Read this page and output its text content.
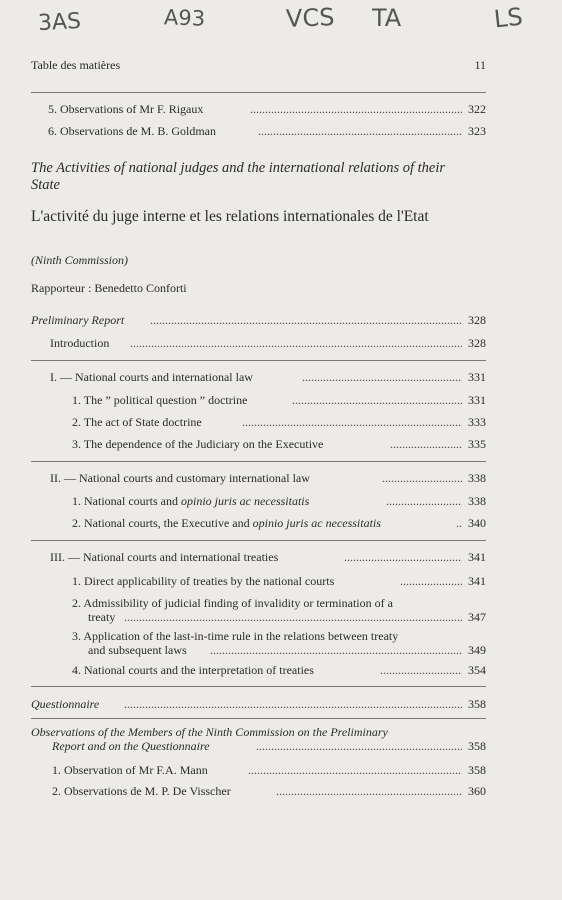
3AS	A93	VCS TA	LS
Table des matières	11
5. Observations of Mr F. Rigaux . . .	322
6. Observations de M. B. Goldman . . .	323
The Activities of national judges and the international relations of their State
L'activité du juge interne et les relations internationales de l'Etat
(Ninth Commission)
Rapporteur : Benedetto Conforti
Preliminary Report . . .	328
Introduction . . .	328
I. — National courts and international law . . .	331
1. The ” political question ” doctrine . . .	331
2. The act of State doctrine . . .	333
3. The dependence of the Judiciary on the Executive . . .	335
II. — National courts and customary international law . . .	338
1. National courts and opinio juris ac necessitatis . . .	338
2. National courts, the Executive and opinio juris ac necessitatis . . .	340
III. — National courts and international treaties . . .	341
1. Direct applicability of treaties by the national courts . . .	341
2. Admissibility of judicial finding of invalidity or termination of a
treaty . . .	347
3. Application of the last-in-time rule in the relations between treaty
and subsequent laws . . .	349
4. National courts and the interpretation of treaties . . .	354
Questionnaire . . .	358
Observations of the Members of the Ninth Commission on the Preliminary
Report and on the Questionnaire . . .	358
1. Observation of Mr F.A. Mann . . .	358
2. Observations de M. P. De Visscher . . .	360
